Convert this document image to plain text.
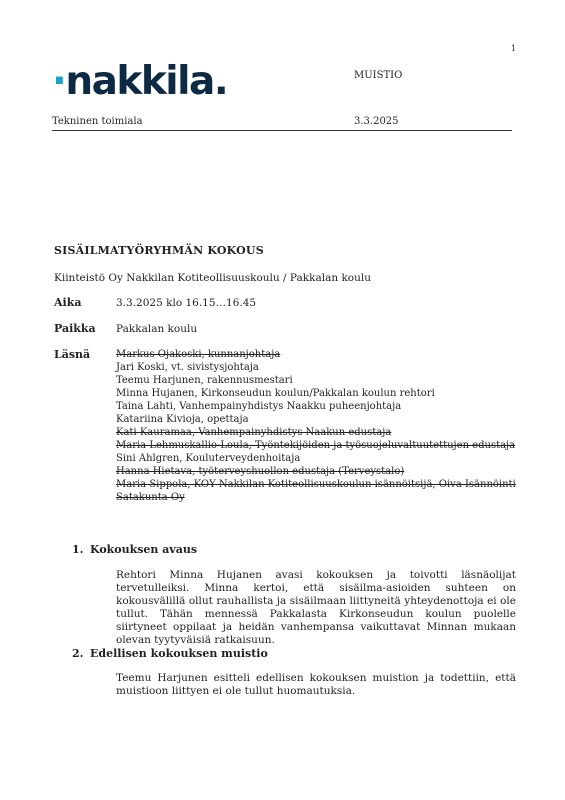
1
·nakkila.	MUISTIO
Tekninen toimiala	3.3.2025
SISÄILMATYÖRYHMÄN KOKOUS
Kiinteistö Oy Nakkilan Kotiteollisuuskoulu / Pakkalan koulu
Aika	3.3.2025 klo 16.15…16.45
Paikka Pakkalan koulu
Läsnä	Markus Ojakoski, kunnanjohtaja
Jari Koski, vt. sivistysjohtaja
Teemu Harjunen, rakennusmestari
Minna Hujanen, Kirkonseudun koulun/Pakkalan koulun rehtori
Taina Lahti, Vanhempainyhdistys Naakku puheenjohtaja
Katariina Kivioja, opettaja
Kati Kauramaa, Vanhempainyhdistys Naakun edustaja
Maria Lehmuskallio-Loula, Työntekijöiden ja työsuojeluvaltuutettujen edustaja
Sini Ahlgren, Kouluterveydenhoitaja
Hanna Hietava, työterveyshuollon edustaja (Terveystalo)
Maria Sippola, KOY Nakkilan Kotiteollisuuskoulun isännöitsijä, Oiva Isännöinti Satakunta Oy
1. Kokouksen avaus
Rehtori Minna Hujanen avasi kokouksen ja toivotti läsnäolijat tervetulleiksi. Minna kertoi, että sisäilma-asioiden suhteen on kokousvälillä ollut rauhallista ja sisäilmaan liittyneitä yhteydenottoja ei ole tullut. Tähän mennessä Pakkalasta Kirkonseudun koulun puolelle siirtyneet oppilaat ja heidän vanhempansa vaikuttavat Minnan mukaan olevan tyytyväisiä ratkaisuun.
2. Edellisen kokouksen muistio
Teemu Harjunen esitteli edellisen kokouksen muistion ja todettiin, että muistioon liittyen ei ole tullut huomautuksia.
